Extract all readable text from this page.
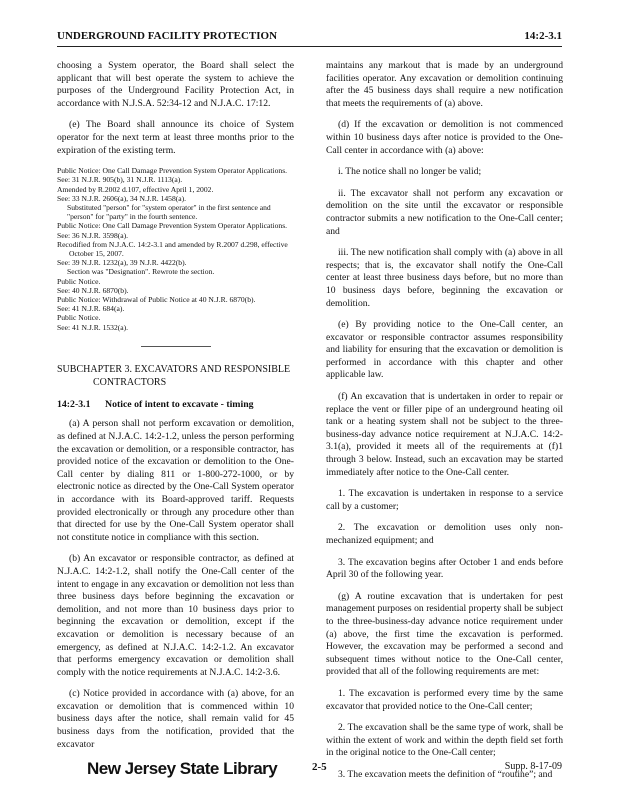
UNDERGROUND FACILITY PROTECTION	14:2-3.1

choosing a System operator, the Board shall select the applicant that will best operate the system to achieve the purposes of the Underground Facility Protection Act, in accordance with N.J.S.A. 52:34-12 and N.J.A.C. 17:12.

(e) The Board shall announce its choice of System operator for the next term at least three months prior to the expiration of the existing term.

Public Notice: One Call Damage Prevention System Operator Applications.
See: 31 N.J.R. 905(b), 31 N.J.R. 1113(a).
Amended by R.2002 d.107, effective April 1, 2002.
See: 33 N.J.R. 2606(a), 34 N.J.R. 1458(a).
Substituted "person" for "system operator" in the first sentence and "person" for "party" in the fourth sentence.
Public Notice: One Call Damage Prevention System Operator Applications.
See: 36 N.J.R. 3598(a).
Recodified from N.J.A.C. 14:2-3.1 and amended by R.2007 d.298, effective October 15, 2007.
See: 39 N.J.R. 1232(a), 39 N.J.R. 4422(b).
Section was "Designation". Rewrote the section.
Public Notice.
See: 40 N.J.R. 6870(b).
Public Notice: Withdrawal of Public Notice at 40 N.J.R. 6870(b).
See: 41 N.J.R. 684(a).
Public Notice.
See: 41 N.J.R. 1532(a).
SUBCHAPTER 3. EXCAVATORS AND RESPONSIBLE
CONTRACTORS
14:2-3.1 Notice of intent to excavate - timing

(a) A person shall not perform excavation or demolition, as defined at N.J.A.C. 14:2-1.2, unless the person performing the excavation or demolition, or a responsible contractor, has provided notice of the excavation or demolition to the One-Call center by dialing 811 or 1-800-272-1000, or by electronic notice as directed by the One-Call System operator in accordance with its Board-approved tariff. Requests provided electronically or through any procedure other than that directed for use by the One-Call System operator shall not constitute notice in compliance with this section.

(b) An excavator or responsible contractor, as defined at N.J.A.C. 14:2-1.2, shall notify the One-Call center of the intent to engage in any excavation or demolition not less than three business days before beginning the excavation or demolition, and not more than 10 business days prior to beginning the excavation or demolition, except if the excavation or demolition is necessary because of an emergency, as defined at N.J.A.C. 14:2-1.2. An excavator that performs emergency excavation or demolition shall comply with the notice requirements at N.J.A.C. 14:2-3.6.

(c) Notice provided in accordance with (a) above, for an excavation or demolition that is commenced within 10 business days after the notice, shall remain valid for 45 business days from the notification, provided that the excavator

maintains any markout that is made by an underground facilities operator. Any excavation or demolition continuing after the 45 business days shall require a new notification that meets the requirements of (a) above.

(d) If the excavation or demolition is not commenced within 10 business days after notice is provided to the One-Call center in accordance with (a) above:

i. The notice shall no longer be valid;

ii. The excavator shall not perform any excavation or demolition on the site until the excavator or responsible contractor submits a new notification to the One-Call center; and

iii. The new notification shall comply with (a) above in all respects; that is, the excavator shall notify the One-Call center at least three business days before, but no more than 10 business days before, beginning the excavation or demolition.

(e) By providing notice to the One-Call center, an excavator or responsible contractor assumes responsibility and liability for ensuring that the excavation or demolition is performed in accordance with this chapter and other applicable law.

(f) An excavation that is undertaken in order to repair or replace the vent or filler pipe of an underground heating oil tank or a heating system shall not be subject to the three-business-day advance notice requirement at N.J.A.C. 14:2-3.1(a), provided it meets all of the requirements at (f)1 through 3 below. Instead, such an excavation may be started immediately after notice to the One-Call center.

1. The excavation is undertaken in response to a service call by a customer;

2. The excavation or demolition uses only non-mechanized equipment; and

3. The excavation begins after October 1 and ends before April 30 of the following year.

(g) A routine excavation that is undertaken for pest management purposes on residential property shall be subject to the three-business-day advance notice requirement under (a) above, the first time the excavation is performed. However, the excavation may be performed a second and subsequent times without notice to the One-Call center, provided that all of the following requirements are met:

1. The excavation is performed every time by the same excavator that provided notice to the One-Call center;

2. The excavation shall be the same type of work, shall be within the extent of work and within the depth field set forth in the original notice to the One-Call center;

3. The excavation meets the definition of “routine”; and

New Jersey State Library	2-5	Supp. 8-17-09
